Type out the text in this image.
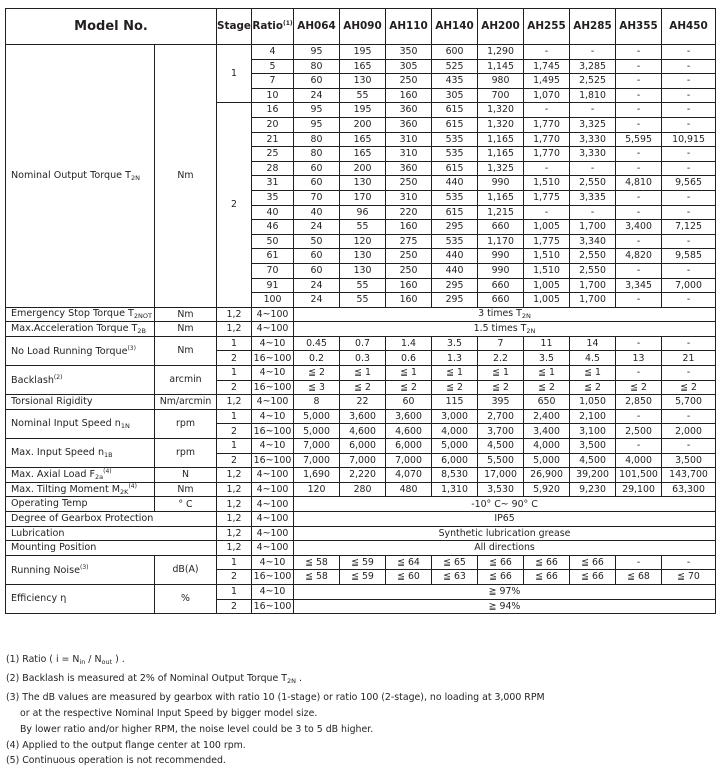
Model No.		Stage	Ratio$^{(1)}$	AH064	AH090	AH110	AH140	AH200	AH255	AH285	AH355	AH450
Nominal Output Torque $T_{2N}$	Nm	1	4	95	195	350	600	1,290	-	-	-	-
			5	80	165	305	525	1,145	1,745	3,285	-	-
			7	60	130	250	435	980	1,495	2,525	-	-
			10	24	55	160	305	700	1,070	1,810	-	-
		2	16	95	195	360	615	1,320	-	-	-	-
			20	95	200	360	615	1,320	1,770	3,325	-	-
			21	80	165	310	535	1,165	1,770	3,330	5,595	10,915
			25	80	165	310	535	1,165	1,770	3,330	-	-
			28	60	200	360	615	1,325	-	-	-	-
			31	60	130	250	440	990	1,510	2,550	4,810	9,565
			35	70	170	310	535	1,165	1,775	3,335	-	-
			40	40	96	220	615	1,215	-	-	-	-
			46	24	55	160	295	660	1,005	1,700	3,400	7,125
			50	50	120	275	535	1,170	1,775	3,340	-	-
			61	60	130	250	440	990	1,510	2,550	4,820	9,585
			70	60	130	250	440	990	1,510	2,550	-	-
			91	24	55	160	295	660	1,005	1,700	3,345	7,000
			100	24	55	160	295	660	1,005	1,700	-	-
Emergency Stop Torque $T_{2NOT}$	Nm	1,2	4~100	3 times $T_{2N}$
Max.Acceleration Torque $T_{2B}$	Nm	1,2	4~100	1.5 times $T_{2N}$
No Load Running Torque$^{(3)}$	Nm	1	4~10	0.45	0.7	1.4	3.5	7	11	14	-	-
		2	16~100	0.2	0.3	0.6	1.3	2.2	3.5	4.5	13	21
Backlash$^{(2)}$	arcmin	1	4~10	≦ 2	≦ 1	≦ 1	≦ 1	≦ 1	≦ 1	≦ 1	-	-
		2	16~100	≦ 3	≦ 2	≦ 2	≦ 2	≦ 2	≦ 2	≦ 2	≦ 2	≦ 2
Torsional Rigidity	Nm/arcmin	1,2	4~100	8	22	60	115	395	650	1,050	2,850	5,700
Nominal Input Speed $n_{1N}$	rpm	1	4~10	5,000	3,600	3,600	3,000	2,700	2,400	2,100	-	-
		2	16~100	5,000	4,600	4,600	4,000	3,700	3,400	3,100	2,500	2,000
Max. Input Speed $n_{1B}$	rpm	1	4~10	7,000	6,000	6,000	5,000	4,500	4,000	3,500	-	-
		2	16~100	7,000	7,000	7,000	6,000	5,500	5,000	4,500	4,000	3,500
Max. Axial Load $F_{2a}^{(4)}$	N	1,2	4~100	1,690	2,220	4,070	8,530	17,000	26,900	39,200	101,500	143,700
Max. Tilting Moment $M_{2K}^{(4)}$	Nm	1,2	4~100	120	280	480	1,310	3,530	5,920	9,230	29,100	63,300
Operating Temp	° C	1,2	4~100	-10° C~ 90° C								
Degree of Gearbox Protection		1,2	4~100	IP65								
Lubrication		1,2	4~100	Synthetic lubrication grease								
Mounting Position		1,2	4~100	All directions								
Running Noise$^{(3)}$	dB(A)	1	4~10	≦ 58	≦ 59	≦ 64	≦ 65	≦ 66	≦ 66	≦ 66	-	-
		2	16~100	≦ 58	≦ 59	≦ 60	≦ 63	≦ 66	≦ 66	≦ 66	≦ 68	≦ 70
Efficiency η	%	1	4~10	≧ 97%								
		2	16~100	≧ 94%								
(1) Ratio ( $i = N_{in} / N_{out}$ ) .
(2) Backlash is measured at 2% of Nominal Output Torque $T_{2N}$ .
(3) The dB values are measured by gearbox with ratio 10 (1-stage) or ratio 100 (2-stage), no loading at 3,000 RPM
or at the respective Nominal Input Speed by bigger model size.
By lower ratio and/or higher RPM, the noise level could be 3 to 5 dB higher.
(4) Applied to the output flange center at 100 rpm.
(5) Continuous operation is not recommended.
